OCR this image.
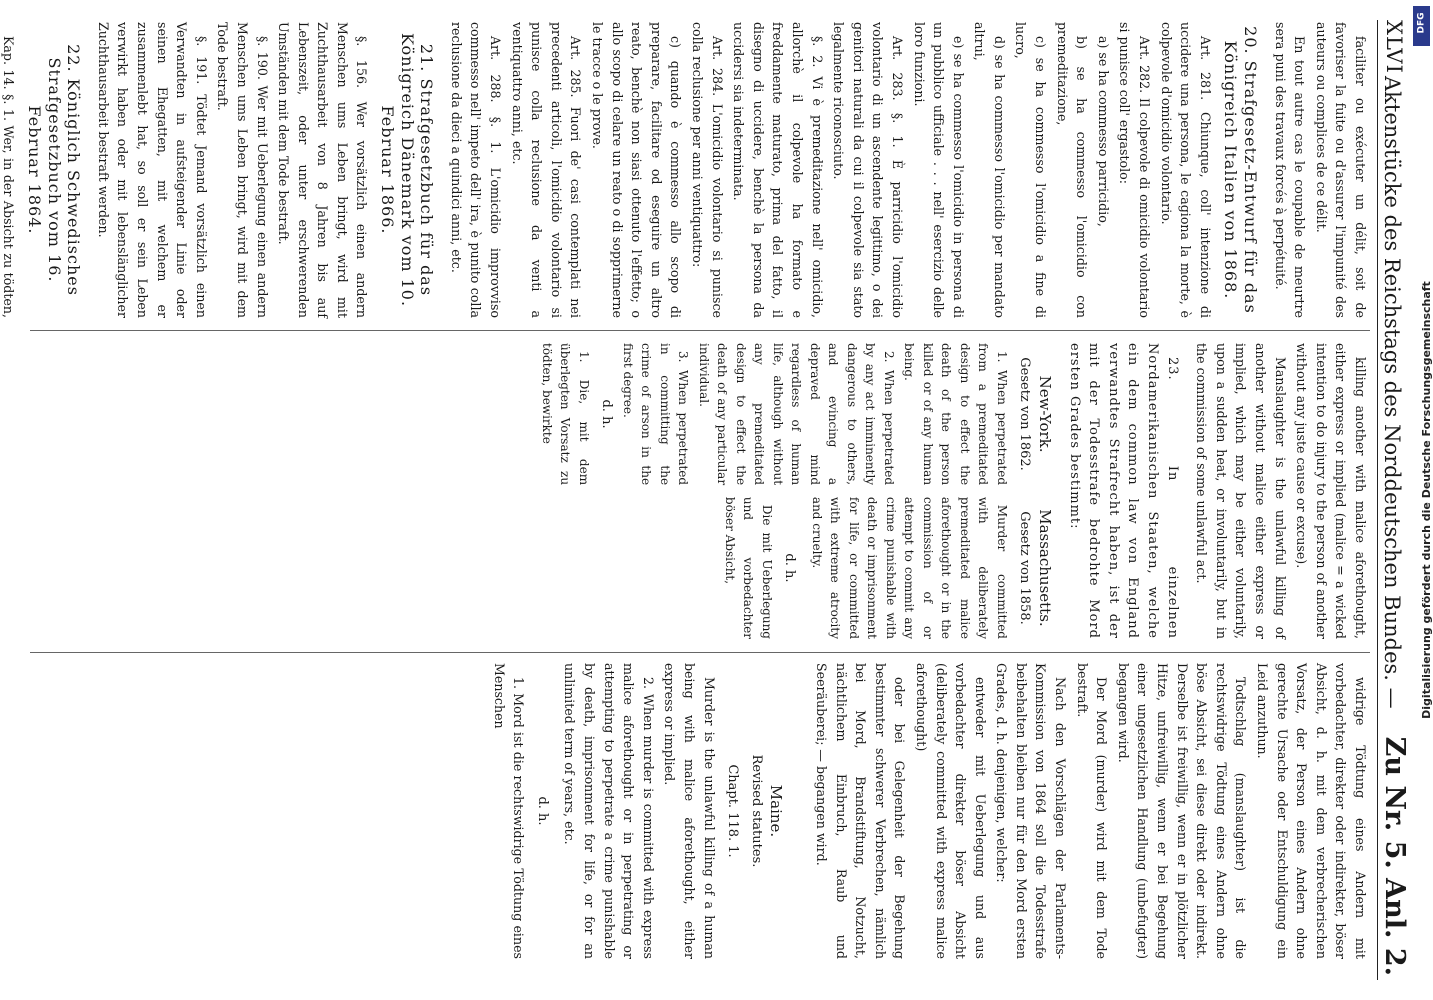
DFG
Digitalisierung gefördert durch die Deutsche Forschungsgemeinschaft
XLVI
Aktenstücke des Reichstags des Norddeutschen Bundes. —
Zu Nr. 5. Anl. 2.

faciliter ou exécuter un délit, soit de favoriser la fuite ou d'assurer l'impunité des auteurs ou complices de ce délit.

En tout autre cas le coupable de meurtre sera puni des travaux forcés à perpétuité.

20. Strafgesetz-Entwurf für das Königreich Italien von 1868.

Art. 281. Chiunque, coll' intenzione di uccidere una persona, le cagiona la morte, è colpevole d'omicidio volontario.

Art. 282. Il colpevole di omicidio volontario si punisce coll' ergastolo:

a) se ha commesso parricidio,

b) se ha commesso l'omicidio con premeditazione,

c) se ha commesso l'omicidio a fine di lucro,

d) se ha commesso l'omicidio per mandato altrui,

e) se ha commesso l'omicidio in persona di un pubblico ufficiale . . . nell' esercizio delle loro funzioni.

Art. 283. §. 1. È parricidio l'omicidio volontario di un ascendente legittimo, o dei genitori naturali da cui il colpevole sia stato legalmente riconosciuto.

§. 2. Vi è premeditazione nell' omicidio, allorchè il colpevole ha formato e freddamente maturato, prima del fatto, il disegno di uccidere, benchè la persona da uccidersi sia indeterminata.

Art. 284. L'omicidio volontario si punisce colla reclusione per anni ventiquattro:

c) quando è commesso allo scopo di preparare, facilitare od eseguire un altro reato, benchè non siasi ottenuto l'effetto; o allo scopo di celare un reato o di sopprimerne le tracce o le prove.

Art. 285. Fuori de' casi contemplati nei precedenti articoli, l'omicidio volontario si punisce colla reclusione da venti a ventiquattro anni, etc.

Art. 288. §. 1. L'omicidio improvviso commesso nell' impeto dell' ira, è punito colla reclusione da dieci a quindici anni, etc.

21. Strafgesetzbuch für das Königreich Dänemark vom 10. Februar 1866.

§. 156. Wer vorsätzlich einen andern Menschen ums Leben bringt, wird mit Zuchthausarbeit von 8 Jahren bis auf Lebenszeit, oder unter erschwerenden Umständen mit dem Tode bestraft.

§. 190. Wer mit Ueberlegung einen andern Menschen ums Leben bringt, wird mit dem Tode bestraft.

§. 191. Tödtet Jemand vorsätzlich einen Verwandten in aufsteigender Linie oder seinen Ehegatten, mit welchem er zusammenlebt hat, so soll er sein Leben verwirkt haben oder mit lebenslänglicher Zuchthausarbeit bestraft werden.

22. Königlich Schwedisches Strafgesetzbuch vom 16. Februar 1864.

Kap. 14. §. 1. Wer, in der Absicht zu tödten,

killing another with malice aforethought, either express or implied (malice = a wicked intention to do injury to the person of another without any juste cause or excuse).

Manslaughter is the unlawful killing of another without malice either express or implied, which may be either voluntarily, upon a sudden heat, or involuntarily, but in the commission of some unlawful act.

23. In einzelnen Nordamerikanischen Staaten, welche ein dem common law von England verwandtes Strafrecht haben, ist der mit der Todesstrafe bedrohte Mord ersten Grades bestimmt:

New-York.
Gesetz von 1862.

1. When perpetrated from a premeditated design to effect the death of the person killed or of any human being.

2. When perpetrated by any act imminently dangerous to others, and evincing a depraved mind regardless of human life, although without any premeditated design to effect the death of any particular individual.

3. When perpetrated in committing the crime of arson in the first degree.

d. h.

1. Die, mit dem überlegten Vorsatz zu tödten, bewirkte

Massachusetts.
Gesetz von 1858.

Murder committed with deliberately premeditated malice aforethought or in the commission of or attempt to commit any crime punishable with death or imprisonment for life, or committed with extreme atrocity and cruelty.

d. h.

Die mit Ueberlegung und vorbedachter böser Absicht,

widrige Tödtung eines Andern mit vorbedachter, direkter oder indirekter, böser Absicht, d. h. mit dem verbrecherischen Vorsatz, der Person eines Andern ohne gerechte Ursache oder Entschuldigung ein Leid anzuthun.

Todtschlag (manslaughter) ist die rechtswidrige Tödtung eines Andern ohne böse Absicht, sei diese direkt oder indirekt. Derselbe ist freiwillig, wenn er in plötzlicher Hitze, unfreiwillig, wenn er bei Begehung einer ungesetzlichen Handlung (unbefugter) begangen wird.

Der Mord (murder) wird mit dem Tode bestraft.

Nach den Vorschlägen der Parlaments-Kommission von 1864 soll die Todesstrafe beibehalten bleiben nur für den Mord ersten Grades, d. h. denjenigen, welcher:

entweder mit Ueberlegung und aus vorbedachter direkter böser Absicht (deliberately committed with express malice aforethought)

oder bei Gelegenheit der Begehung bestimmter schwerer Verbrechen, nämlich bei Mord, Brandstiftung, Notzucht, nächtlichem Einbruch, Raub und Seeräuberei; — begangen wird.

Maine.
Revised statutes.
Chapt. 118. 1.

Murder is the unlawful killing of a human being with malice aforethought, either express or implied.

2. When murder is committed with express malice aforethought or in perpetrating or attempting to perpetrate a crime punishable by death, imprisonment for life, or for an unlimited term of years, etc.

d. h.

1. Mord ist die rechtswidrige Tödtung eines Menschen
